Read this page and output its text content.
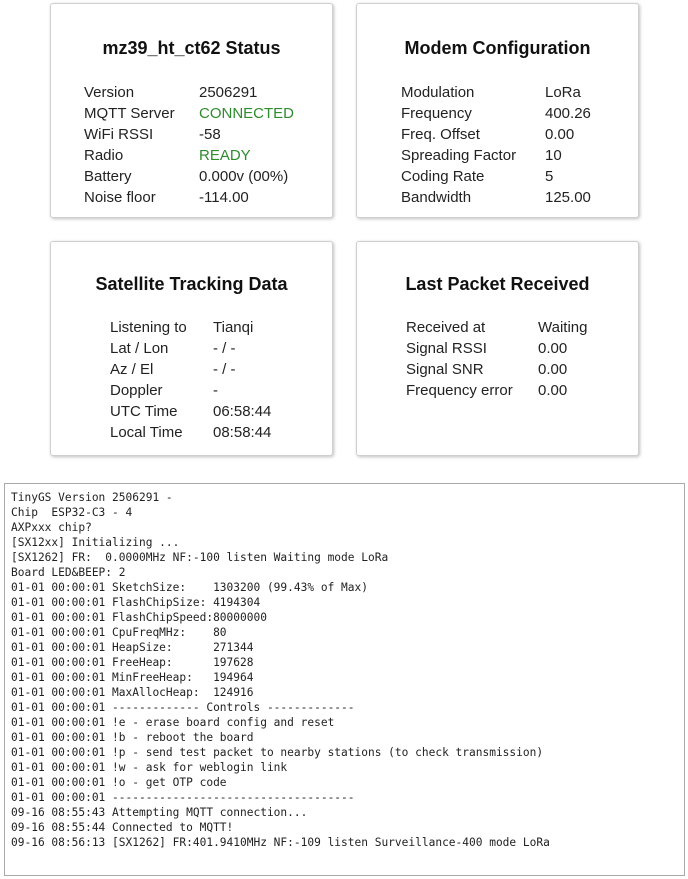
mz39_ht_ct62 Status
Version	2506291
MQTT Server	CONNECTED
WiFi RSSI	-58
Radio	READY
Battery	0.000v (00%)
Noise floor	-114.00
Modem Configuration
Modulation	LoRa
Frequency	400.26
Freq. Offset	0.00
Spreading Factor	10
Coding Rate	5
Bandwidth	125.00
Satellite Tracking Data
Listening to	Tianqi
Lat / Lon	- / -
Az / El	- / -
Doppler	-
UTC Time	06:58:44
Local Time	08:58:44
Last Packet Received
Received at	Waiting
Signal RSSI	0.00
Signal SNR	0.00
Frequency error	0.00
TinyGS Version 2506291 -
Chip  ESP32-C3 - 4
AXPxxx chip?
[SX12xx] Initializing ...
[SX1262] FR:  0.0000MHz NF:-100 listen Waiting mode LoRa
Board LED&BEEP: 2
01-01 00:00:01 SketchSize:    1303200 (99.43% of Max)
01-01 00:00:01 FlashChipSize: 4194304
01-01 00:00:01 FlashChipSpeed:80000000
01-01 00:00:01 CpuFreqMHz:    80
01-01 00:00:01 HeapSize:      271344
01-01 00:00:01 FreeHeap:      197628
01-01 00:00:01 MinFreeHeap:   194964
01-01 00:00:01 MaxAllocHeap:  124916
01-01 00:00:01 ------------- Controls -------------
01-01 00:00:01 !e - erase board config and reset
01-01 00:00:01 !b - reboot the board
01-01 00:00:01 !p - send test packet to nearby stations (to check transmission)
01-01 00:00:01 !w - ask for weblogin link
01-01 00:00:01 !o - get OTP code
01-01 00:00:01 ------------------------------------
09-16 08:55:43 Attempting MQTT connection...
09-16 08:55:44 Connected to MQTT!
09-16 08:56:13 [SX1262] FR:401.9410MHz NF:-109 listen Surveillance-400 mode LoRa
